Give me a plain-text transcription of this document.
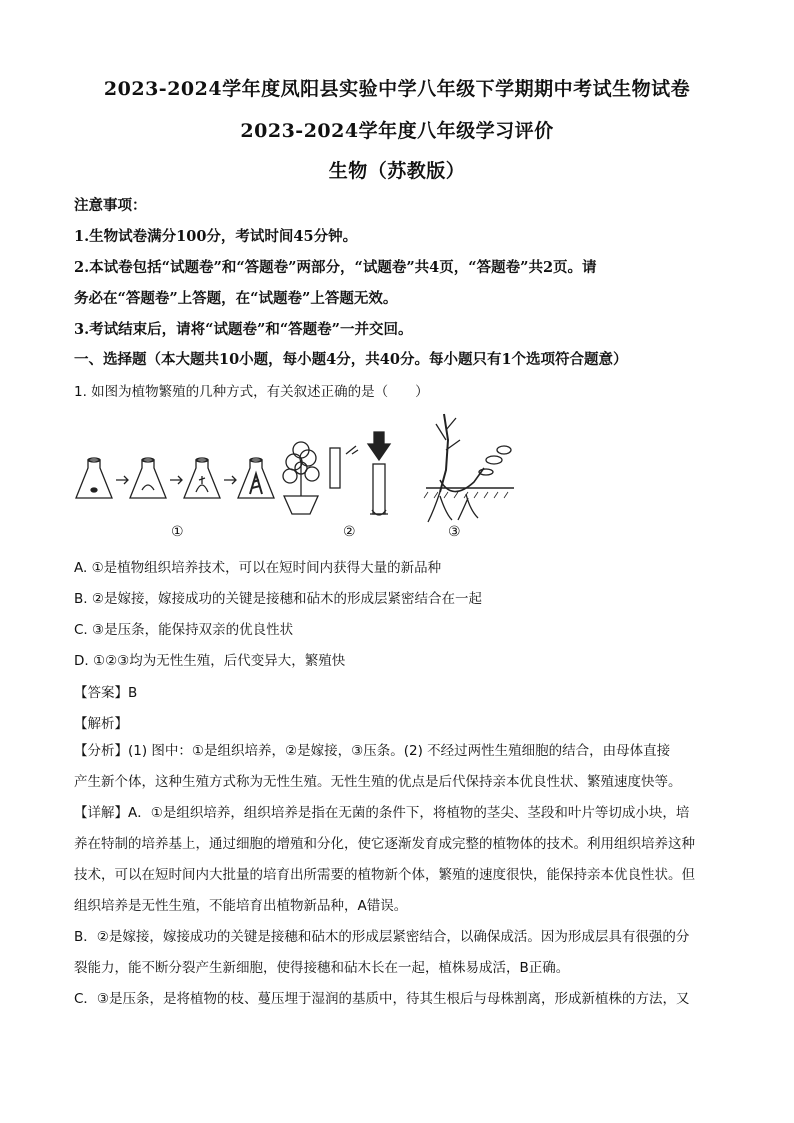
2023-2024学年度凤阳县实验中学八年级下学期期中考试生物试卷
2023-2024学年度八年级学习评价
生物（苏教版）
注意事项：
1.生物试卷满分100分，考试时间45分钟。
2.本试卷包括“试题卷”和“答题卷”两部分，“试题卷”共4页，“答题卷”共2页。请
务必在“答题卷”上答题，在“试题卷”上答题无效。
3.考试结束后，请将“试题卷”和“答题卷”一并交回。
一、选择题（本大题共10小题，每小题4分，共40分。每小题只有1个选项符合题意）
1. 如图为植物繁殖的几种方式，有关叙述正确的是（　　）
①	②	③
A. ①是植物组织培养技术，可以在短时间内获得大量的新品种
B. ②是嫁接，嫁接成功的关键是接穗和砧木的形成层紧密结合在一起
C. ③是压条，能保持双亲的优良性状
D. ①②③均为无性生殖，后代变异大，繁殖快
【答案】B
【解析】
【分析】(1) 图中：①是组织培养，②是嫁接，③压条。(2) 不经过两性生殖细胞的结合，由母体直接
产生新个体，这种生殖方式称为无性生殖。无性生殖的优点是后代保持亲本优良性状、繁殖速度快等。
【详解】A．①是组织培养，组织培养是指在无菌的条件下，将植物的茎尖、茎段和叶片等切成小块，培
养在特制的培养基上，通过细胞的增殖和分化，使它逐渐发育成完整的植物体的技术。利用组织培养这种
技术，可以在短时间内大批量的培育出所需要的植物新个体，繁殖的速度很快，能保持亲本优良性状。但
组织培养是无性生殖，不能培育出植物新品种，A错误。
B．②是嫁接，嫁接成功的关键是接穗和砧木的形成层紧密结合，以确保成活。因为形成层具有很强的分
裂能力，能不断分裂产生新细胞，使得接穗和砧木长在一起，植株易成活，B正确。
C．③是压条，是将植物的枝、蔓压埋于湿润的基质中，待其生根后与母株割离，形成新植株的方法，又
